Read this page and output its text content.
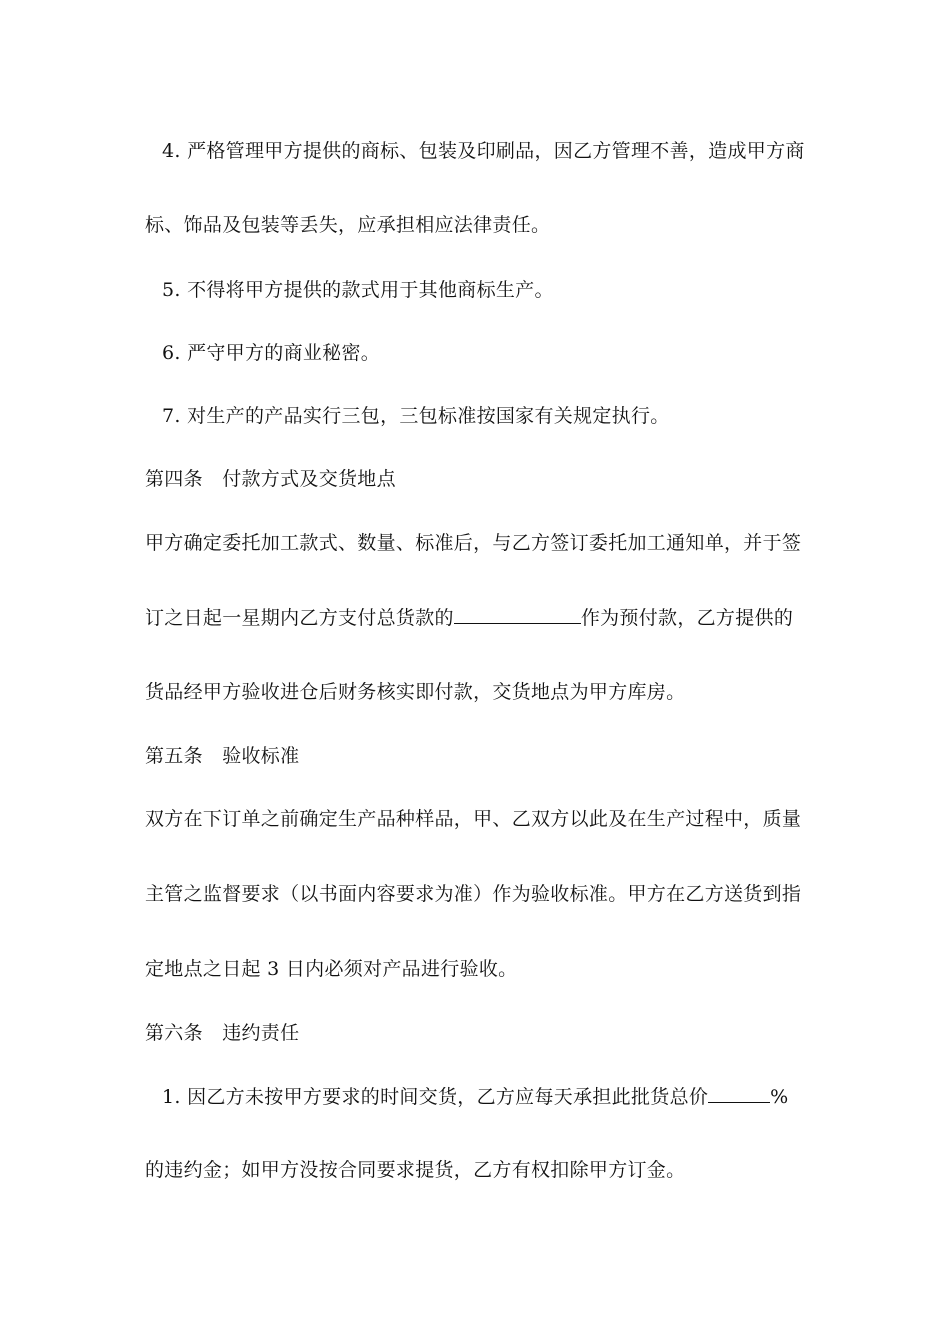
4. 严格管理甲方提供的商标、包装及印刷品，因乙方管理不善，造成甲方商
标、饰品及包装等丢失，应承担相应法律责任。
5. 不得将甲方提供的款式用于其他商标生产。
6. 严守甲方的商业秘密。
7. 对生产的产品实行三包，三包标准按国家有关规定执行。
第四条　付款方式及交货地点
甲方确定委托加工款式、数量、标准后，与乙方签订委托加工通知单，并于签
订之日起一星期内乙方支付总货款的	作为预付款，乙方提供的
货品经甲方验收进仓后财务核实即付款，交货地点为甲方库房。
第五条　验收标准
双方在下订单之前确定生产品种样品，甲、乙双方以此及在生产过程中，质量
主管之监督要求（以书面内容要求为准）作为验收标准。甲方在乙方送货到指
定地点之日起 3 日内必须对产品进行验收。
第六条　违约责任
1. 因乙方未按甲方要求的时间交货，乙方应每天承担此批货总价	%
的违约金；如甲方没按合同要求提货，乙方有权扣除甲方订金。
